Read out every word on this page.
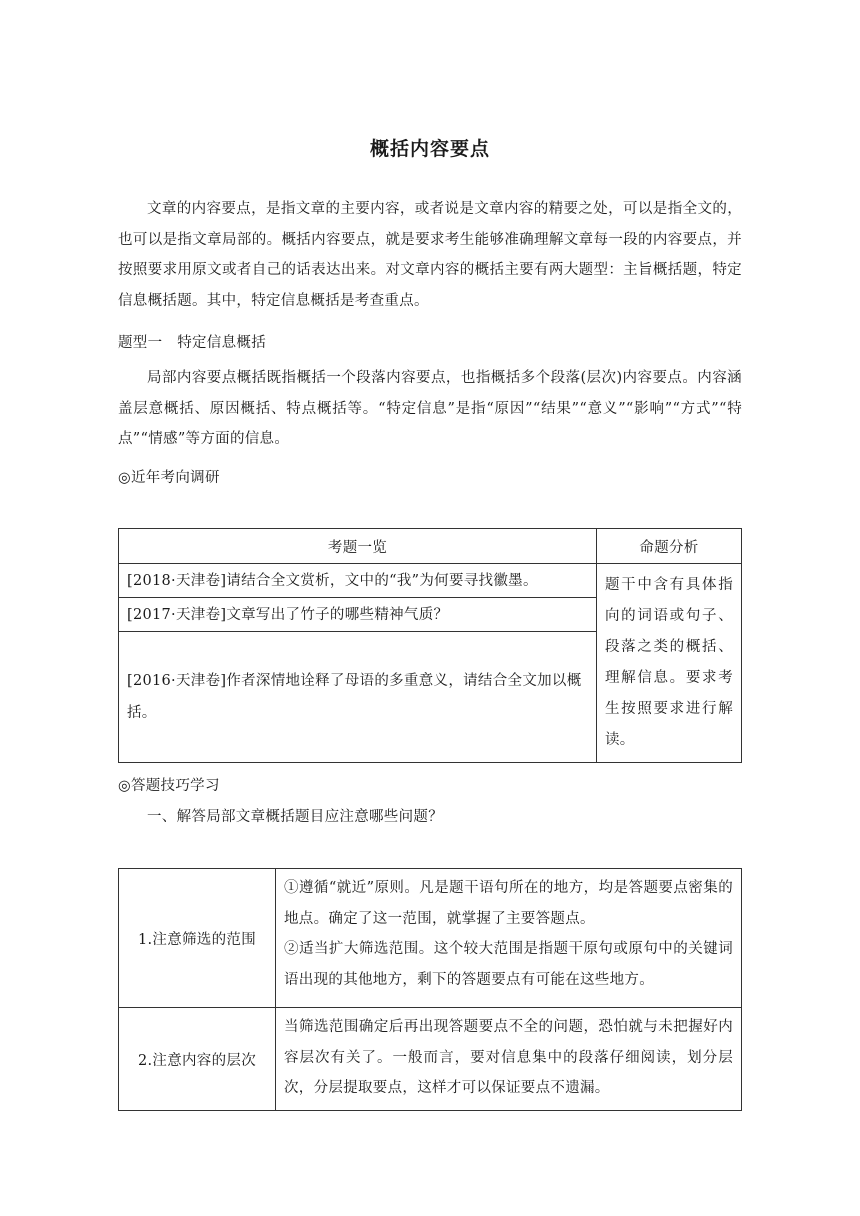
概括内容要点

文章的内容要点，是指文章的主要内容，或者说是文章内容的精要之处，可以是指全文的，也可以是指文章局部的。概括内容要点，就是要求考生能够准确理解文章每一段的内容要点，并按照要求用原文或者自己的话表达出来。对文章内容的概括主要有两大题型：主旨概括题，特定信息概括题。其中，特定信息概括是考查重点。

题型一　特定信息概括

局部内容要点概括既指概括一个段落内容要点，也指概括多个段落(层次)内容要点。内容涵盖层意概括、原因概括、特点概括等。“特定信息”是指“原因”“结果”“意义”“影响”“方式”“特点”“情感”等方面的信息。

◎近年考向调研

考题一览	命题分析
[2018·天津卷]请结合全文赏析，文中的“我”为何要寻找徽墨。	题干中含有具体指向的词语或句子、段落之类的概括、理解信息。要求考生按照要求进行解读。
[2017·天津卷]文章写出了竹子的哪些精神气质？	
[2016·天津卷]作者深情地诠释了母语的多重意义，请结合全文加以概括。	

◎答题技巧学习

一、解答局部文章概括题目应注意哪些问题？

1.注意筛选的范围	①遵循“就近”原则。凡是题干语句所在的地方，均是答题要点密集的地点。确定了这一范围，就掌握了主要答题点。
②适当扩大筛选范围。这个较大范围是指题干原句或原句中的关键词语出现的其他地方，剩下的答题要点有可能在这些地方。

2.注意内容的层次	当筛选范围确定后再出现答题要点不全的问题，恐怕就与未把握好内容层次有关了。一般而言，要对信息集中的段落仔细阅读，划分层次，分层提取要点，这样才可以保证要点不遗漏。
